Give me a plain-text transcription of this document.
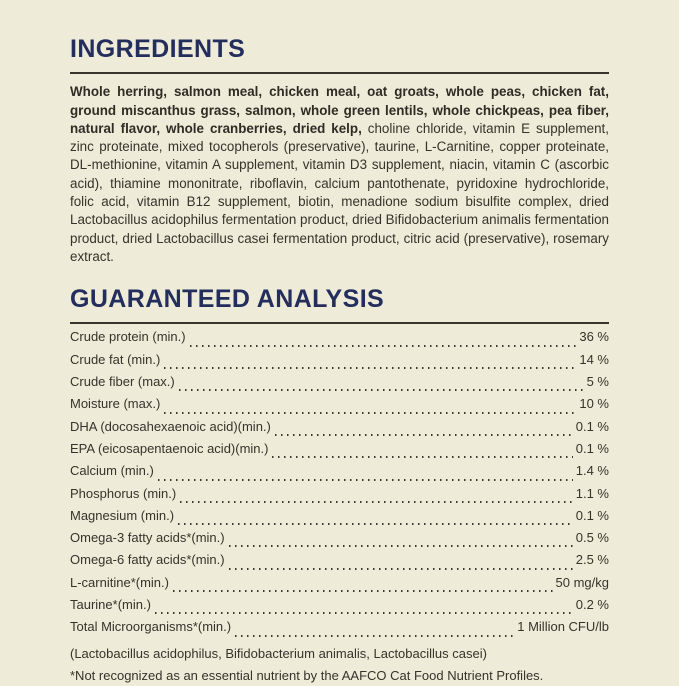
INGREDIENTS

Whole herring, salmon meal, chicken meal, oat groats, whole peas, chicken fat, ground miscanthus grass, salmon, whole green lentils, whole chickpeas, pea fiber, natural flavor, whole cranberries, dried kelp, choline chloride, vitamin E supplement, zinc proteinate, mixed tocopherols (preservative), taurine, L-Carnitine, copper proteinate, DL-methionine, vitamin A supplement, vitamin D3 supplement, niacin, vitamin C (ascorbic acid), thiamine mononitrate, riboflavin, calcium pantothenate, pyridoxine hydrochloride, folic acid, vitamin B12 supplement, biotin, menadione sodium bisulfite complex, dried Lactobacillus acidophilus fermentation product, dried Bifidobacterium animalis fermentation product, dried Lactobacillus casei fermentation product, citric acid (preservative), rosemary extract.

GUARANTEED ANALYSIS
Crude protein (min.)	36 %
Crude fat (min.)	14 %
Crude fiber (max.)	5 %
Moisture (max.)	10 %
DHA (docosahexaenoic acid)(min.)	0.1 %
EPA (eicosapentaenoic acid)(min.)	0.1 %
Calcium (min.)	1.4 %
Phosphorus (min.)	1.1 %
Magnesium (min.)	0.1 %
Omega-3 fatty acids*(min.)	0.5 %
Omega-6 fatty acids*(min.)	2.5 %
L-carnitine*(min.)	50 mg/kg
Taurine*(min.)	0.2 %
Total Microorganisms*(min.)	1 Million CFU/lb

(Lactobacillus acidophilus, Bifidobacterium animalis, Lactobacillus casei)

*Not recognized as an essential nutrient by the AAFCO Cat Food Nutrient Profiles.
